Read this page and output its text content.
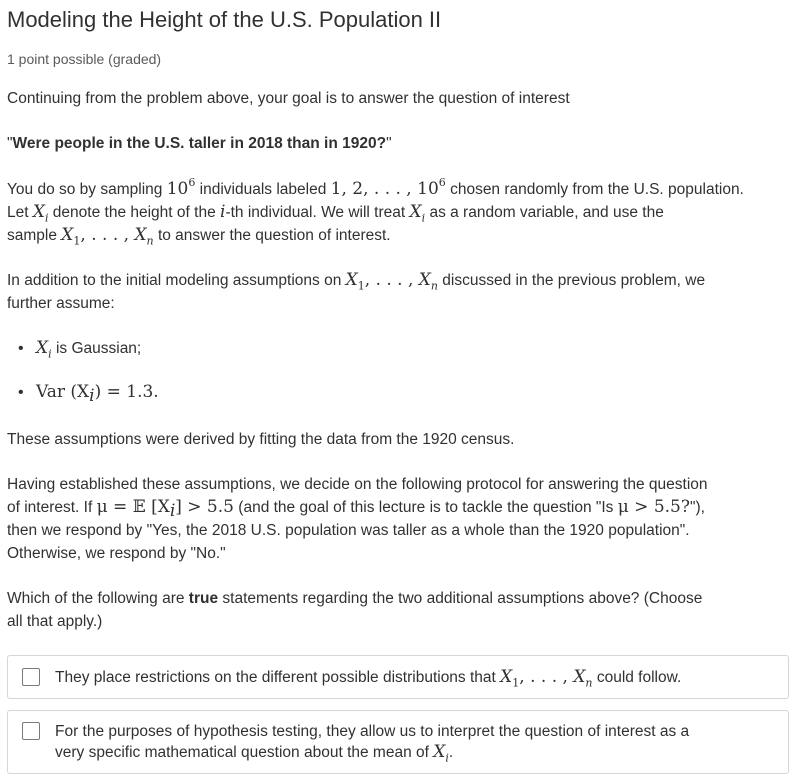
Modeling the Height of the U.S. Population II
1 point possible (graded)

Continuing from the problem above, your goal is to answer the question of interest

"Were people in the U.S. taller in 2018 than in 1920?"

You do so by sampling $10^6$ individuals labeled 1, 2, . . . , $10^6$ chosen randomly from the U.S. population.
Let $X_i$ denote the height of the i-th individual. We will treat $X_i$ as a random variable, and use the
sample $X_1$, . . . , $X_n$ to answer the question of interest.

In addition to the initial modeling assumptions on $X_1$, . . . , $X_n$ discussed in the previous problem, we
further assume:

• $X_i$ is Gaussian;
• Var $(X_i) = 1.3$.

These assumptions were derived by fitting the data from the 1920 census.

Having established these assumptions, we decide on the following protocol for answering the question
of interest. If μ = 𝔼 $[X_i] > 5.5$ (and the goal of this lecture is to tackle the question "Is μ > 5.5?"),
then we respond by "Yes, the 2018 U.S. population was taller as a whole than the 1920 population".
Otherwise, we respond by "No."

Which of the following are true statements regarding the two additional assumptions above? (Choose
all that apply.)

They place restrictions on the different possible distributions that $X_1$, . . . , $X_n$ could follow.
For the purposes of hypothesis testing, they allow us to interpret the question of interest as a
very specific mathematical question about the mean of $X_i$.
